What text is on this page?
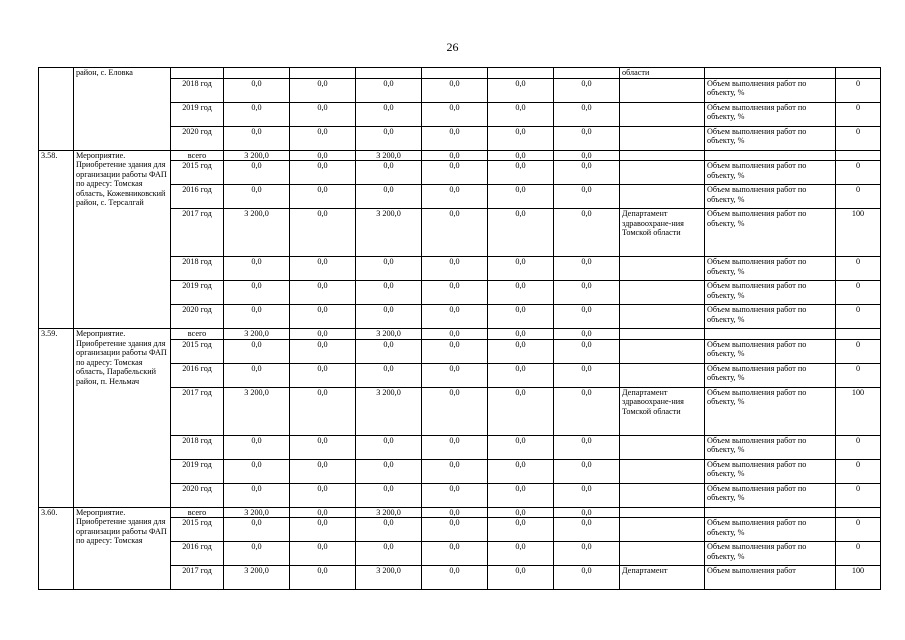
26
	район, с. Еловка								области		
		2018 год	0,0	0,0	0,0	0,0	0,0	0,0		Объем выполнения работ по объекту, %	0
		2019 год	0,0	0,0	0,0	0,0	0,0	0,0		Объем выполнения работ по объекту, %	0
		2020 год	0,0	0,0	0,0	0,0	0,0	0,0		Объем выполнения работ по объекту, %	0
3.58.	Мероприятие. Приобретение здания для организации работы ФАП по адресу: Томская область, Кожевниковский район, с. Терсалгай	всего	3 200,0	0,0	3 200,0	0,0	0,0	0,0			
		2015 год	0,0	0,0	0,0	0,0	0,0	0,0		Объем выполнения работ по объекту, %	0
		2016 год	0,0	0,0	0,0	0,0	0,0	0,0		Объем выполнения работ по объекту, %	0
		2017 год	3 200,0	0,0	3 200,0	0,0	0,0	0,0	Департамент здравоохране-ния Томской области	Объем выполнения работ по объекту, %	100
		2018 год	0,0	0,0	0,0	0,0	0,0	0,0		Объем выполнения работ по объекту, %	0
		2019 год	0,0	0,0	0,0	0,0	0,0	0,0		Объем выполнения работ по объекту, %	0
		2020 год	0,0	0,0	0,0	0,0	0,0	0,0		Объем выполнения работ по объекту, %	0
3.59.	Мероприятие. Приобретение здания для организации работы ФАП по адресу: Томская область, Парабельский район, п. Нельмач	всего	3 200,0	0,0	3 200,0	0,0	0,0	0,0			
		2015 год	0,0	0,0	0,0	0,0	0,0	0,0		Объем выполнения работ по объекту, %	0
		2016 год	0,0	0,0	0,0	0,0	0,0	0,0		Объем выполнения работ по объекту, %	0
		2017 год	3 200,0	0,0	3 200,0	0,0	0,0	0,0	Департамент здравоохране-ния Томской области	Объем выполнения работ по объекту, %	100
		2018 год	0,0	0,0	0,0	0,0	0,0	0,0		Объем выполнения работ по объекту, %	0
		2019 год	0,0	0,0	0,0	0,0	0,0	0,0		Объем выполнения работ по объекту, %	0
		2020 год	0,0	0,0	0,0	0,0	0,0	0,0		Объем выполнения работ по объекту, %	0
3.60.	Мероприятие. Приобретение здания для организации работы ФАП по адресу: Томская	всего	3 200,0	0,0	3 200,0	0,0	0,0	0,0			
		2015 год	0,0	0,0	0,0	0,0	0,0	0,0		Объем выполнения работ по объекту, %	0
		2016 год	0,0	0,0	0,0	0,0	0,0	0,0		Объем выполнения работ по объекту, %	0
		2017 год	3 200,0	0,0	3 200,0	0,0	0,0	0,0	Департамент	Объем выполнения работ	100
